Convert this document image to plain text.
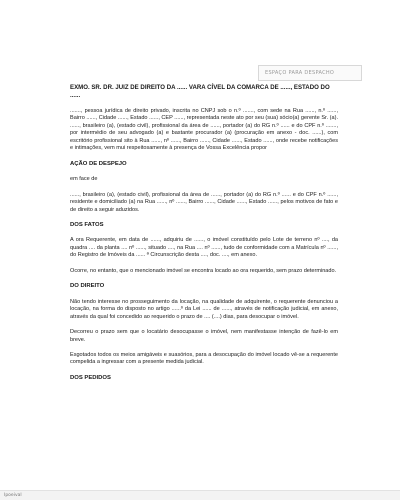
ESPAÇO PARA DESPACHO

EXMO. SR. DR. JUIZ DE DIREITO DA ...... VARA CÍVEL DA COMARCA DE ......, ESTADO DO ......

......., pessoa jurídica de direito privado, inscrita no CNPJ sob o n.º ......., com sede na Rua ......, n.º ......, Bairro ......, Cidade ......, Estado ......, CEP ......, representada neste ato por seu (sua) sócio(a) gerente Sr. (a). ......, brasileiro (a), (estado civil), profissional da área de ......, portador (a) do RG n.º ...... e do CPF n.º ......., por intermédio de seu advogado (a) e bastante procurador (a) (procuração em anexo - doc. ......), com escritório profissional sito à Rua ......, nº ......, Bairro ......, Cidade ......, Estado ......, onde recebe notificações e intimações, vem mui respeitosamente à presença de Vossa Excelência propor

AÇÃO DE DESPEJO

em face de

......, brasileiro (a), (estado civil), profissional da área de ......, portador (a) do RG n.º ...... e do CPF n.º ......, residente e domiciliado (a) na Rua ......, nº ......, Bairro ......, Cidade ......, Estado ......, pelos motivos de fato e de direito a seguir aduzidos.

DOS FATOS

A ora Requerente, em data de ......, adquiriu de ......, o imóvel constituído pelo Lote de terreno nº ...., da quadra .... da planta .... nº ......, situado ...., na Rua .... nº ......, tudo de conformidade com a Matrícula nº ......, do Registro de Imóveis da ...... ª Circunscrição desta ...., doc. ...., em anexo.

Ocorre, no entanto, que o mencionado imóvel se encontra locado ao ora requerido, sem prazo determinado.

DO DIREITO

Não tendo interesse no prosseguimento da locação, na qualidade de adquirente, o requerente denunciou a locação, na forma do disposto no artigo ......º da Lei ...... de ......, através de notificação judicial, em anexo, através da qual foi concedido ao requerido o prazo de .... (....) dias, para desocupar o imóvel.

Decorreu o prazo sem que o locatário desocupasse o imóvel, nem manifestasse intenção de fazê-lo em breve.

Esgotados todos os meios amigáveis e suasórios, para a desocupação do imóvel locado vê-se a requerente compelida a ingressar com a presente medida judicial.

DOS PEDIDOS

Ipoeival
